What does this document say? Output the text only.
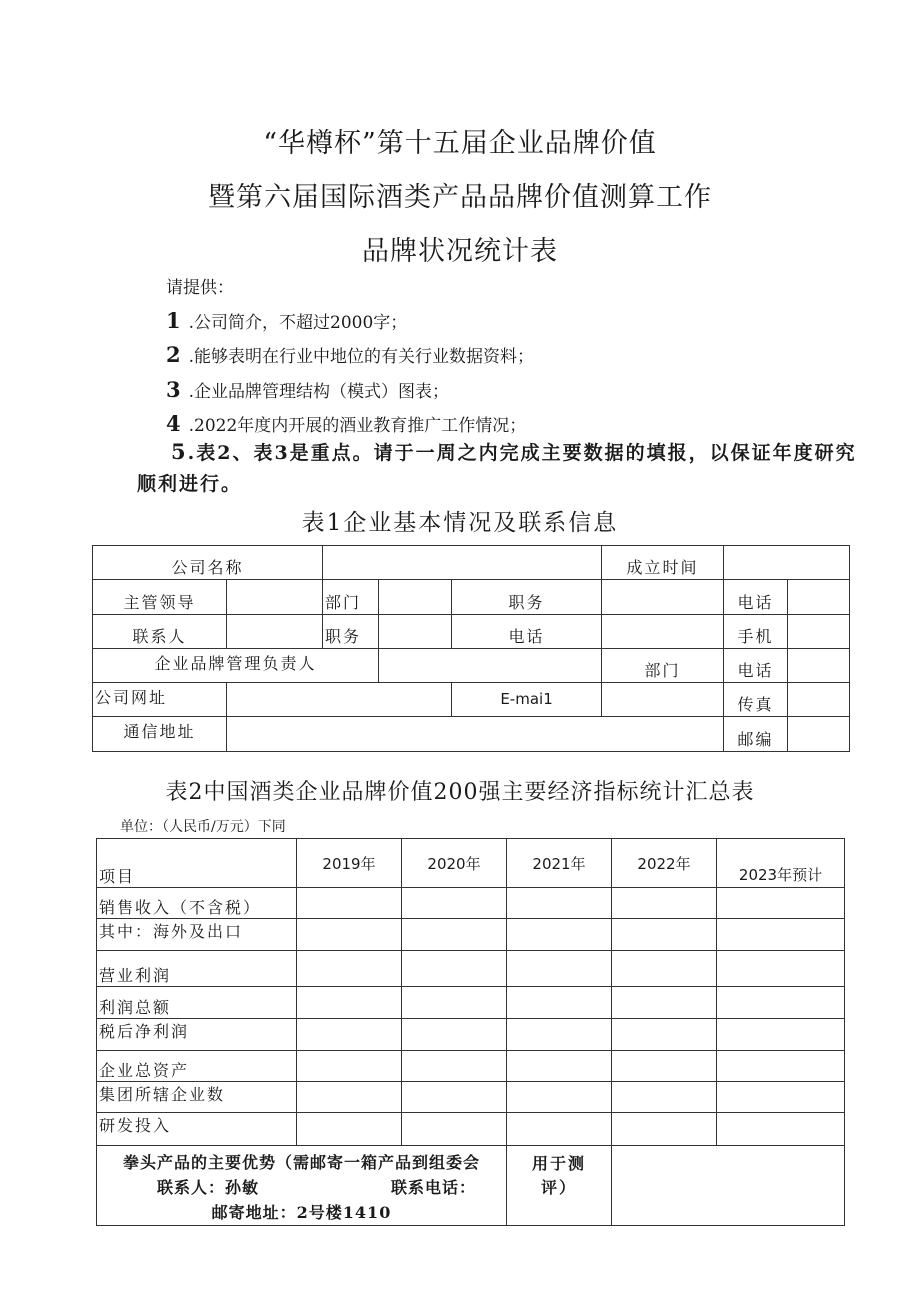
“华樽杯”第十五届企业品牌价值
暨第六届国际酒类产品品牌价值测算工作
品牌状况统计表
请提供：
1 .公司简介，不超过2000字；
2 .能够表明在行业中地位的有关行业数据资料；
3 .企业品牌管理结构（模式）图表；
4 .2022年度内开展的酒业教育推广工作情况；
5.表2、表3是重点。请于一周之内完成主要数据的填报，以保证年度研究顺利进行。
表1企业基本情况及联系信息
公司名称					成立时间		
主管领导		部门		职务		电话	
联系人		职务		电话		手机	
企业品牌管理负责人					部门	电话	
公司网址				E-mai1		传真	
通信地址						邮编	
表2中国酒类企业品牌价值200强主要经济指标统计汇总表
单位：（人民币/万元）下同
项目	2019年	2020年	2021年	2022年	2023年预计
销售收入（不含税）					
其中：海外及出口					
营业利润					
利润总额					
税后净利润					
企业总资产					
集团所辖企业数					
研发投入					

拳头产品的主要优势（需邮寄一箱产品到组委会
联系人：孙敏 联系电话：
邮寄地址：2号楼1410			用于测评）		
